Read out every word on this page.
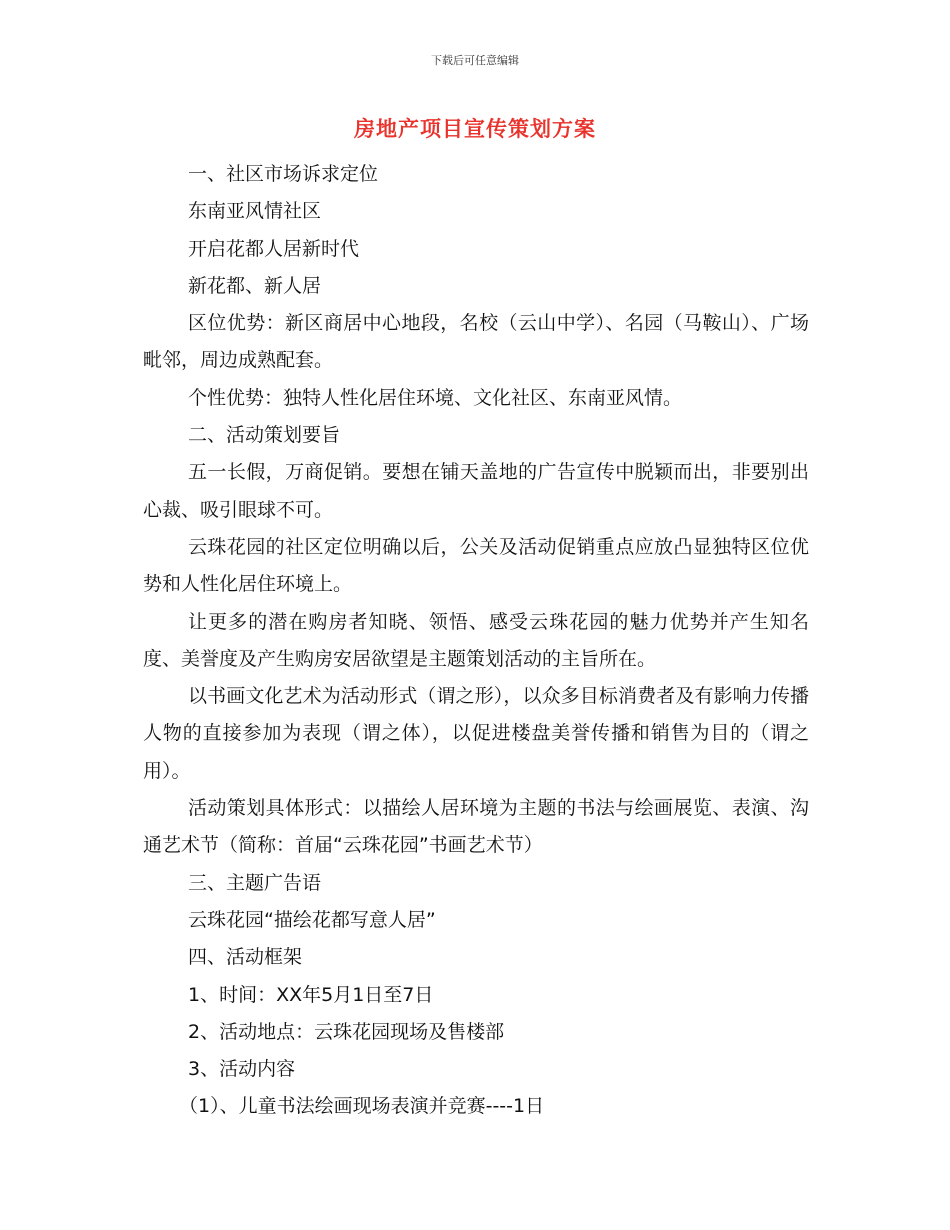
下载后可任意编辑
房地产项目宣传策划方案

一、社区市场诉求定位

东南亚风情社区

开启花都人居新时代

新花都、新人居

区位优势：新区商居中心地段，名校（云山中学）、名园（马鞍山）、广场毗邻，周边成熟配套。

个性优势：独特人性化居住环境、文化社区、东南亚风情。

二、活动策划要旨

五一长假，万商促销。要想在铺天盖地的广告宣传中脱颖而出，非要别出心裁、吸引眼球不可。

云珠花园的社区定位明确以后，公关及活动促销重点应放凸显独特区位优势和人性化居住环境上。

让更多的潜在购房者知晓、领悟、感受云珠花园的魅力优势并产生知名度、美誉度及产生购房安居欲望是主题策划活动的主旨所在。

以书画文化艺术为活动形式（谓之形），以众多目标消费者及有影响力传播人物的直接参加为表现（谓之体），以促进楼盘美誉传播和销售为目的（谓之用）。

活动策划具体形式：以描绘人居环境为主题的书法与绘画展览、表演、沟通艺术节（简称：首届“云珠花园”书画艺术节）

三、主题广告语

云珠花园“描绘花都写意人居”

四、活动框架

1、时间：XX年5月1日至7日

2、活动地点：云珠花园现场及售楼部

3、活动内容

（1）、儿童书法绘画现场表演并竞赛----1日
